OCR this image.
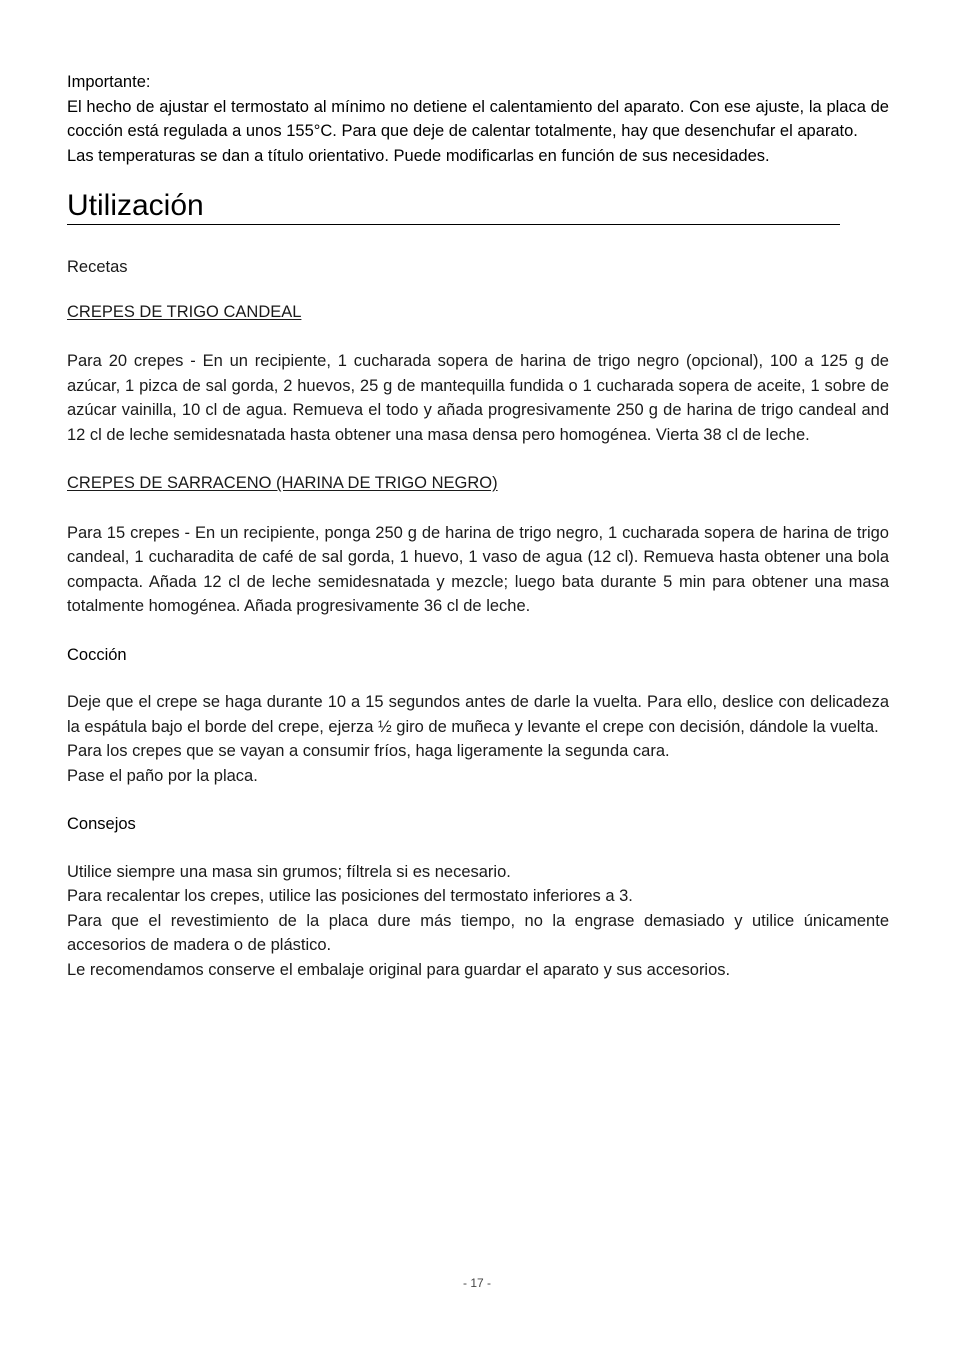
Importante:

El hecho de ajustar el termostato al mínimo no detiene el calentamiento del aparato. Con ese ajuste, la placa de cocción está regulada a unos 155°C. Para que deje de calentar totalmente, hay que desenchufar el aparato.

Las temperaturas se dan a título orientativo. Puede modificarlas en función de sus necesidades.

Utilización

Recetas

CREPES DE TRIGO CANDEAL

Para 20 crepes - En un recipiente, 1 cucharada sopera de harina de trigo negro (opcional), 100 a 125 g de azúcar, 1 pizca de sal gorda, 2 huevos, 25 g de mantequilla fundida o 1 cucharada sopera de aceite, 1 sobre de azúcar vainilla, 10 cl de agua. Remueva el todo y añada progresivamente 250 g de harina de trigo candeal and 12 cl de leche semidesnatada hasta obtener una masa densa pero homogénea. Vierta 38 cl de leche.

CREPES DE SARRACENO (HARINA DE TRIGO NEGRO)

Para 15 crepes - En un recipiente, ponga 250 g de harina de trigo negro, 1 cucharada sopera de harina de trigo candeal, 1 cucharadita de café de sal gorda, 1 huevo, 1 vaso de agua (12 cl). Remueva hasta obtener una bola compacta. Añada 12 cl de leche semidesnatada y mezcle; luego bata durante 5 min para obtener una masa totalmente homogénea. Añada progresivamente 36 cl de leche.

Cocción

Deje que el crepe se haga durante 10 a 15 segundos antes de darle la vuelta. Para ello, deslice con delicadeza la espátula bajo el borde del crepe, ejerza ½ giro de muñeca y levante el crepe con decisión, dándole la vuelta.

Para los crepes que se vayan a consumir fríos, haga ligeramente la segunda cara.

Pase el paño por la placa.

Consejos

Utilice siempre una masa sin grumos; fíltrela si es necesario.

Para recalentar los crepes, utilice las posiciones del termostato inferiores a 3.

Para que el revestimiento de la placa dure más tiempo, no la engrase demasiado y utilice únicamente accesorios de madera o de plástico.

Le recomendamos conserve el embalaje original para guardar el aparato y sus accesorios.

- 17 -
